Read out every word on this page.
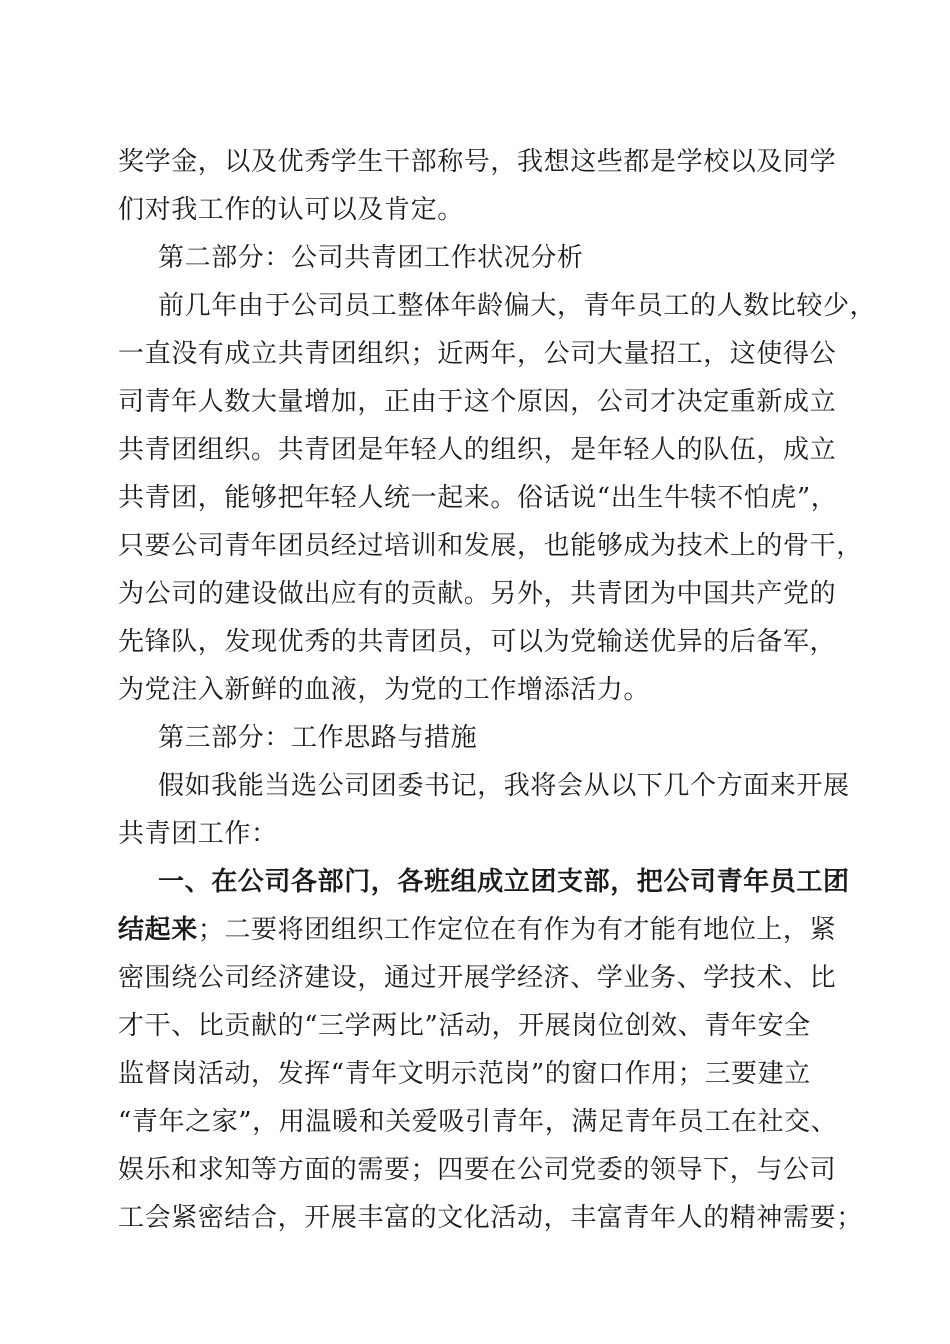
奖学金，以及优秀学生干部称号，我想这些都是学校以及同学
们对我工作的认可以及肯定。
第二部分：公司共青团工作状况分析
前几年由于公司员工整体年龄偏大，青年员工的人数比较少，
一直没有成立共青团组织；近两年，公司大量招工，这使得公
司青年人数大量增加，正由于这个原因，公司才决定重新成立
共青团组织。共青团是年轻人的组织，是年轻人的队伍，成立
共青团，能够把年轻人统一起来。俗话说“出生牛犊不怕虎”，
只要公司青年团员经过培训和发展，也能够成为技术上的骨干，
为公司的建设做出应有的贡献。另外，共青团为中国共产党的
先锋队，发现优秀的共青团员，可以为党输送优异的后备军，
为党注入新鲜的血液，为党的工作增添活力。
第三部分：工作思路与措施
假如我能当选公司团委书记，我将会从以下几个方面来开展
共青团工作：
一、在公司各部门，各班组成立团支部，把公司青年员工团
结起来；二要将团组织工作定位在有作为有才能有地位上，紧
密围绕公司经济建设，通过开展学经济、学业务、学技术、比
才干、比贡献的“三学两比”活动，开展岗位创效、青年安全
监督岗活动，发挥“青年文明示范岗”的窗口作用；三要建立
“青年之家”，用温暖和关爱吸引青年，满足青年员工在社交、
娱乐和求知等方面的需要；四要在公司党委的领导下，与公司
工会紧密结合，开展丰富的文化活动，丰富青年人的精神需要；
